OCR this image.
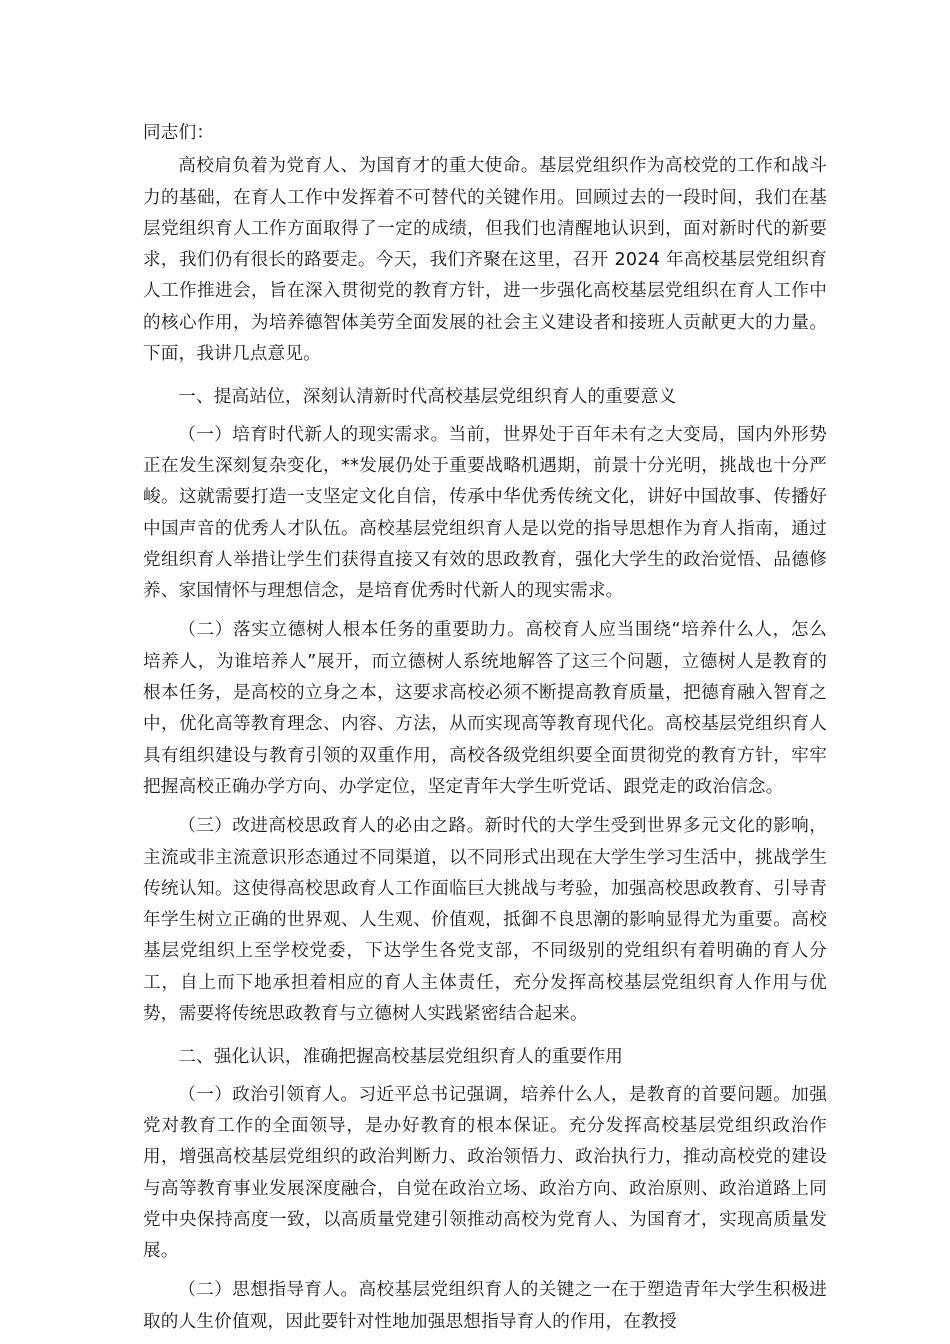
同志们：

高校肩负着为党育人、为国育才的重大使命。基层党组织作为高校党的工作和战斗力的基础，在育人工作中发挥着不可替代的关键作用。回顾过去的一段时间，我们在基层党组织育人工作方面取得了一定的成绩，但我们也清醒地认识到，面对新时代的新要求，我们仍有很长的路要走。今天，我们齐聚在这里，召开 2024 年高校基层党组织育人工作推进会，旨在深入贯彻党的教育方针，进一步强化高校基层党组织在育人工作中的核心作用，为培养德智体美劳全面发展的社会主义建设者和接班人贡献更大的力量。下面，我讲几点意见。

一、提高站位，深刻认清新时代高校基层党组织育人的重要意义

（一）培育时代新人的现实需求。当前，世界处于百年未有之大变局，国内外形势正在发生深刻复杂变化，**发展仍处于重要战略机遇期，前景十分光明，挑战也十分严峻。这就需要打造一支坚定文化自信，传承中华优秀传统文化，讲好中国故事、传播好中国声音的优秀人才队伍。高校基层党组织育人是以党的指导思想作为育人指南，通过党组织育人举措让学生们获得直接又有效的思政教育，强化大学生的政治觉悟、品德修养、家国情怀与理想信念，是培育优秀时代新人的现实需求。

（二）落实立德树人根本任务的重要助力。高校育人应当围绕“培养什么人，怎么培养人，为谁培养人”展开，而立德树人系统地解答了这三个问题，立德树人是教育的根本任务，是高校的立身之本，这要求高校必须不断提高教育质量，把德育融入智育之中，优化高等教育理念、内容、方法，从而实现高等教育现代化。高校基层党组织育人具有组织建设与教育引领的双重作用，高校各级党组织要全面贯彻党的教育方针，牢牢把握高校正确办学方向、办学定位，坚定青年大学生听党话、跟党走的政治信念。

（三）改进高校思政育人的必由之路。新时代的大学生受到世界多元文化的影响，主流或非主流意识形态通过不同渠道，以不同形式出现在大学生学习生活中，挑战学生传统认知。这使得高校思政育人工作面临巨大挑战与考验，加强高校思政教育、引导青年学生树立正确的世界观、人生观、价值观，抵御不良思潮的影响显得尤为重要。高校基层党组织上至学校党委，下达学生各党支部，不同级别的党组织有着明确的育人分工，自上而下地承担着相应的育人主体责任，充分发挥高校基层党组织育人作用与优势，需要将传统思政教育与立德树人实践紧密结合起来。

二、强化认识，准确把握高校基层党组织育人的重要作用

（一）政治引领育人。习近平总书记强调，培养什么人，是教育的首要问题。加强党对教育工作的全面领导，是办好教育的根本保证。充分发挥高校基层党组织政治作用，增强高校基层党组织的政治判断力、政治领悟力、政治执行力，推动高校党的建设与高等教育事业发展深度融合，自觉在政治立场、政治方向、政治原则、政治道路上同党中央保持高度一致，以高质量党建引领推动高校为党育人、为国育才，实现高质量发展。

（二）思想指导育人。高校基层党组织育人的关键之一在于塑造青年大学生积极进取的人生价值观，因此要针对性地加强思想指导育人的作用，在教授
